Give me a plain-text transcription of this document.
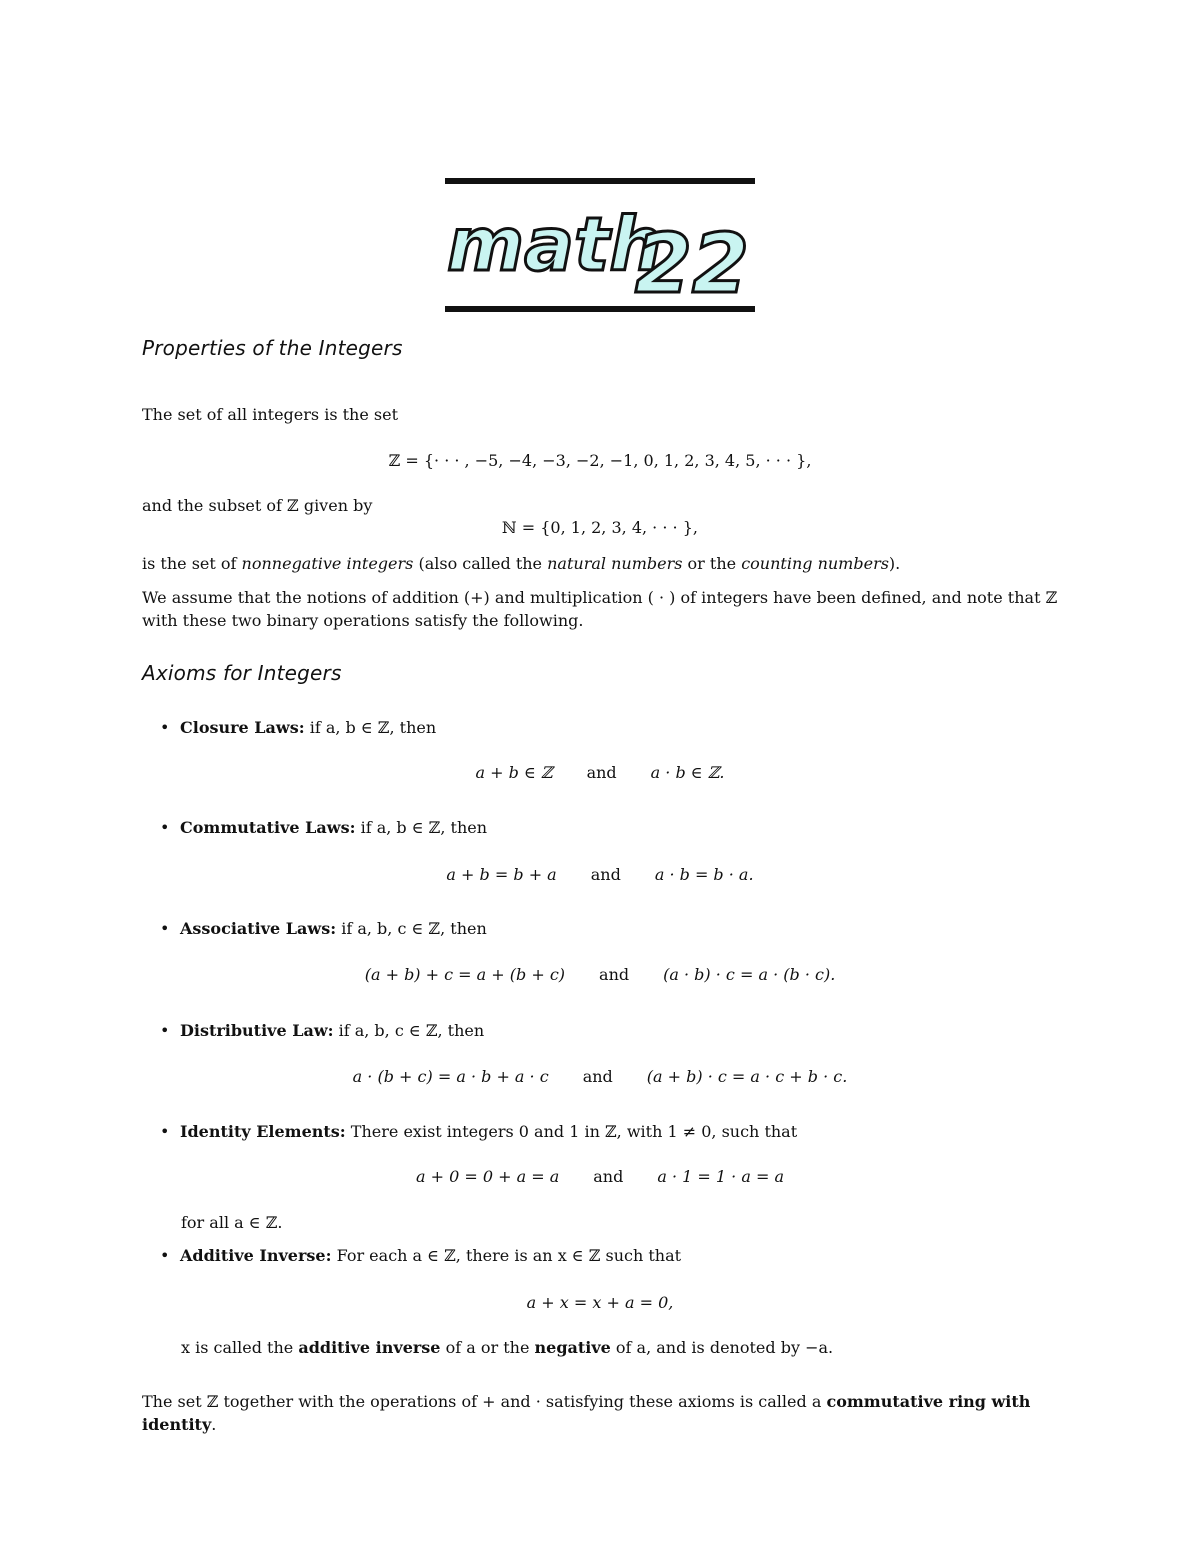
math
22
Properties of the Integers
The set of all integers is the set
ℤ = {· · · , −5, −4, −3, −2, −1, 0, 1, 2, 3, 4, 5, · · · },
and the subset of ℤ given by
ℕ = {0, 1, 2, 3, 4, · · · },
is the set of nonnegative integers (also called the natural numbers or the counting numbers).
We assume that the notions of addition (+) and multiplication ( · ) of integers have been defined, and note that ℤ with these two binary operations satisfy the following.
Axioms for Integers
• Closure Laws: if a, b ∈ ℤ, then
a + b ∈ ℤ and a · b ∈ ℤ.
• Commutative Laws: if a, b ∈ ℤ, then
a + b = b + a and a · b = b · a.
• Associative Laws: if a, b, c ∈ ℤ, then
(a + b) + c = a + (b + c) and (a · b) · c = a · (b · c).
• Distributive Law: if a, b, c ∈ ℤ, then
a · (b + c) = a · b + a · c and (a + b) · c = a · c + b · c.
• Identity Elements: There exist integers 0 and 1 in ℤ, with 1 ≠ 0, such that
a + 0 = 0 + a = a and a · 1 = 1 · a = a
for all a ∈ ℤ.
• Additive Inverse: For each a ∈ ℤ, there is an x ∈ ℤ such that
a + x = x + a = 0,
x is called the additive inverse of a or the negative of a, and is denoted by −a.
The set ℤ together with the operations of + and · satisfying these axioms is called a commutative ring with identity.
